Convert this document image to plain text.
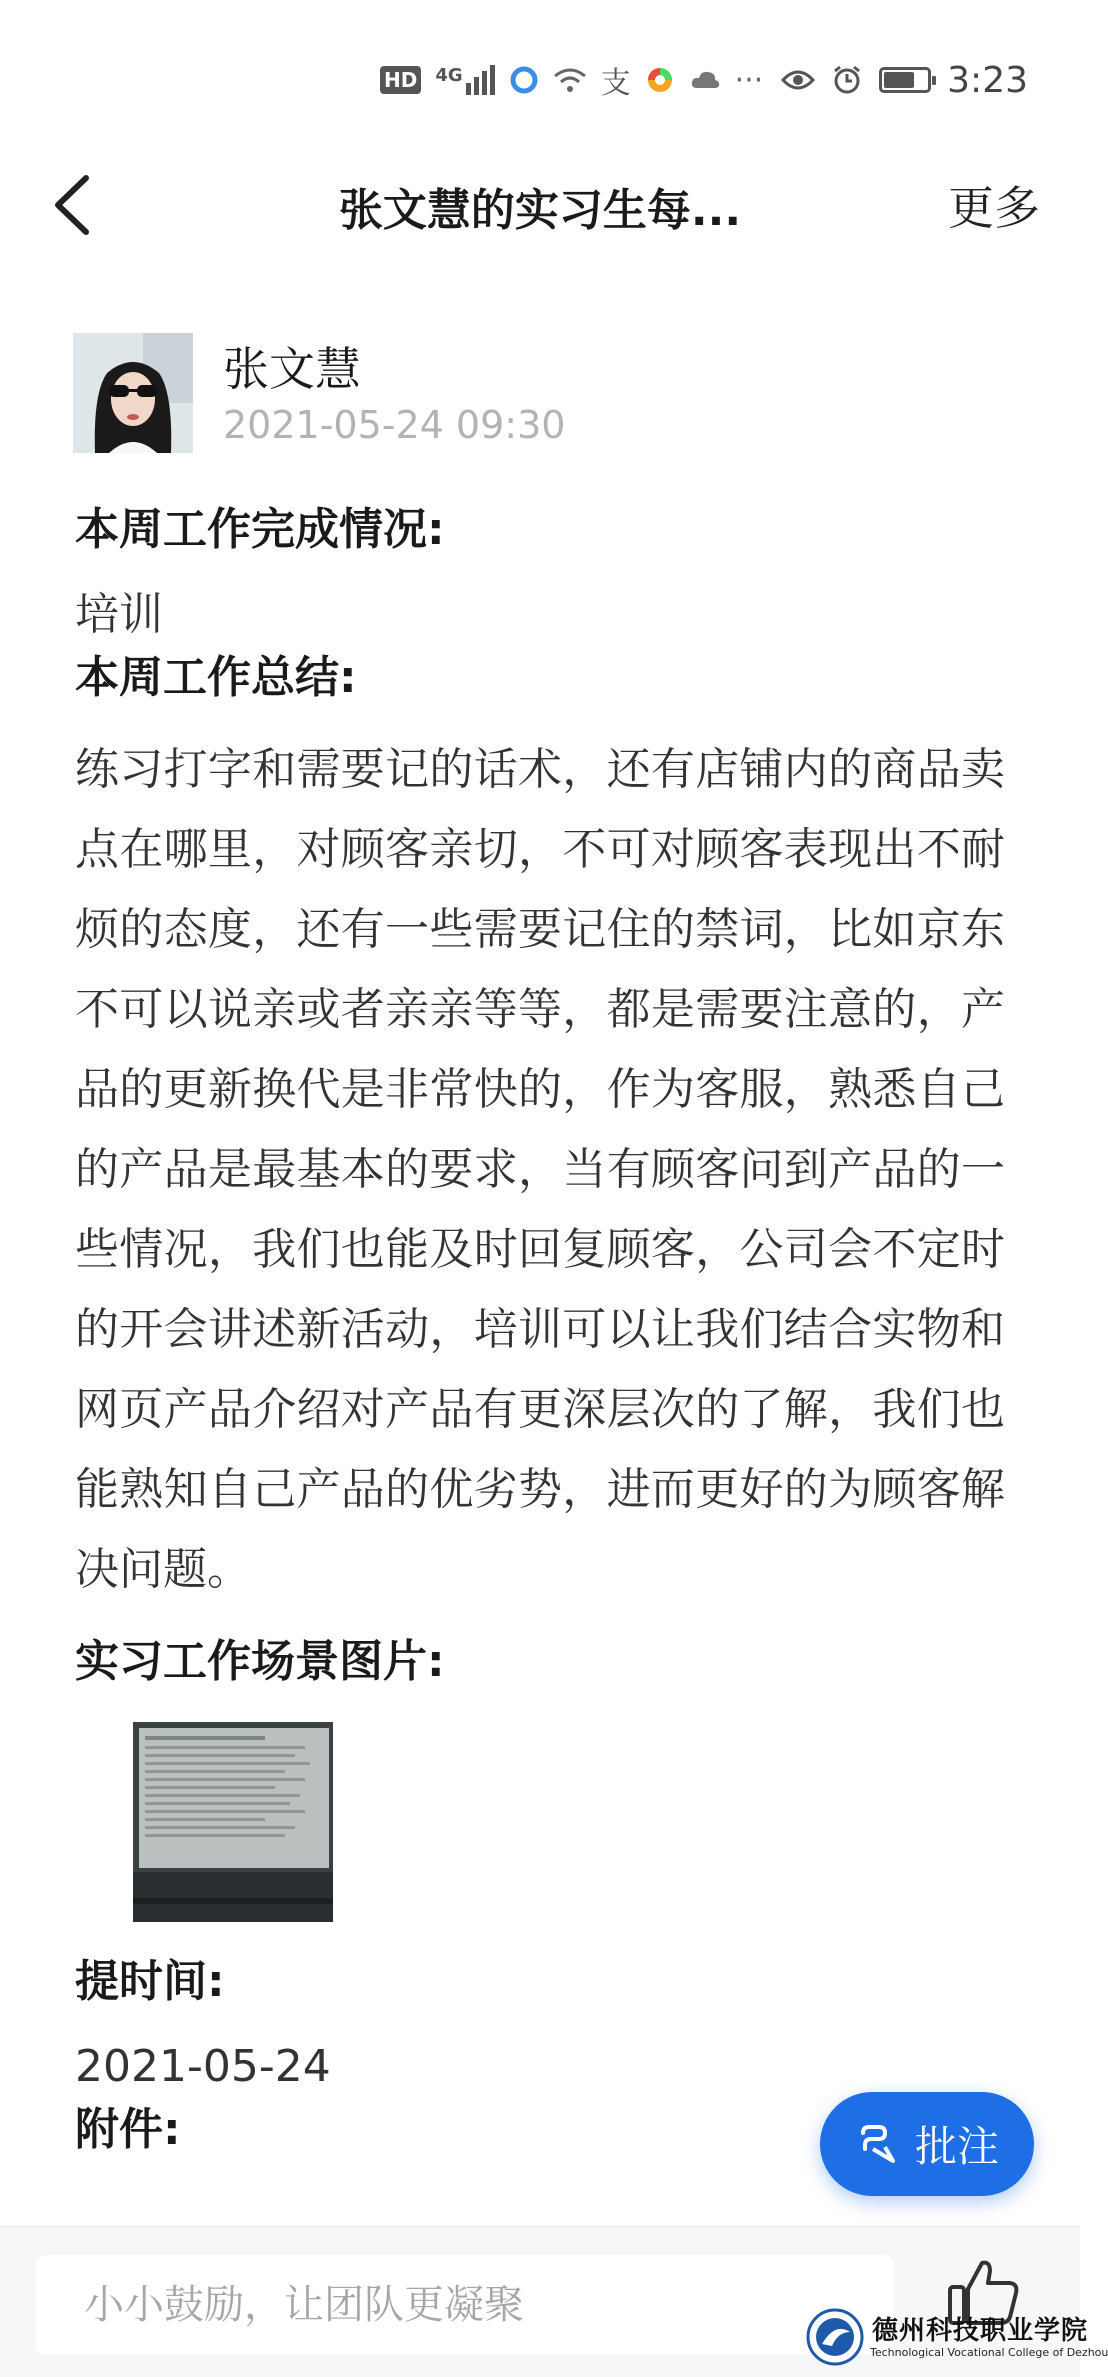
HD 4G	支	···	3:23
张文慧的实习生每...	更多
张文慧
2021-05-24 09:30
本周工作完成情况:
培训
本周工作总结:
练习打字和需要记的话术，还有店铺内的商品卖点在哪里，对顾客亲切，不可对顾客表现出不耐烦的态度，还有一些需要记住的禁词，比如京东不可以说亲或者亲亲等等，都是需要注意的，产品的更新换代是非常快的，作为客服，熟悉自己的产品是最基本的要求，当有顾客问到产品的一些情况，我们也能及时回复顾客，公司会不定时的开会讲述新活动，培训可以让我们结合实物和网页产品介绍对产品有更深层次的了解，我们也能熟知自己产品的优劣势，进而更好的为顾客解决问题。
实习工作场景图片:
提时间:
2021-05-24
附件:	批注
小小鼓励，让团队更凝聚
德州科技职业学院
Technological Vocational College of Dezhou
